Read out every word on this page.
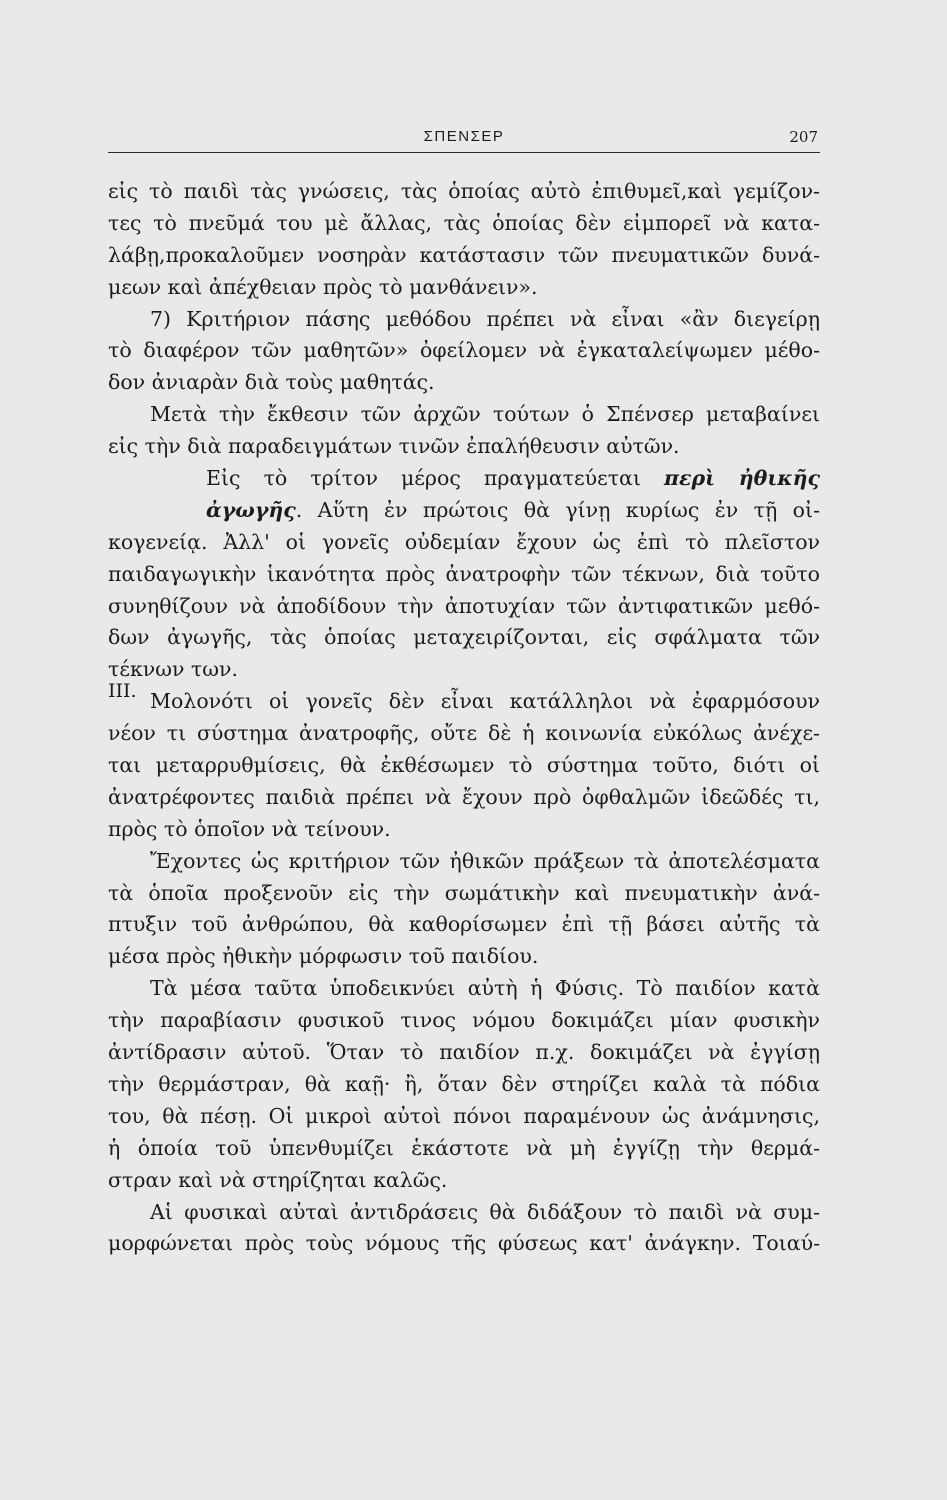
ΣΠΕΝΣΕΡ	207
III.
εἰς τὸ παιδὶ τὰς γνώσεις, τὰς ὁποίας αὐτὸ ἐπιθυμεῖ,καὶ γεμίζον-
τες τὸ πνεῦμά του μὲ ἄλλας, τὰς ὁποίας δὲν εἰμπορεῖ νὰ κατα-
λάβῃ,προκαλοῦμεν νοσηρὰν κατάστασιν τῶν πνευματικῶν δυνά-
μεων καὶ ἀπέχθειαν πρὸς τὸ μανθάνειν».
7) Κριτήριον πάσης μεθόδου πρέπει νὰ εἶναι «ἂν διεγείρῃ
τὸ διαφέρον τῶν μαθητῶν» ὀφείλομεν νὰ ἐγκαταλείψωμεν μέθο-
δον ἀνιαρὰν διὰ τοὺς μαθητάς.
Μετὰ τὴν ἔκθεσιν τῶν ἀρχῶν τούτων ὁ Σπένσερ μεταβαίνει
εἰς τὴν διὰ παραδειγμάτων τινῶν ἐπαλήθευσιν αὐτῶν.
Εἰς τὸ τρίτον μέρος πραγματεύεται περὶ ἠθικῆς
ἀγωγῆς. Αὕτη ἐν πρώτοις θὰ γίνῃ κυρίως ἐν τῇ οἰ-
κογενείᾳ. Ἀλλ' οἱ γονεῖς οὐδεμίαν ἔχουν ὡς ἐπὶ τὸ πλεῖστον
παιδαγωγικὴν ἱκανότητα πρὸς ἀνατροφὴν τῶν τέκνων, διὰ τοῦτο
συνηθίζουν νὰ ἀποδίδουν τὴν ἀποτυχίαν τῶν ἀντιφατικῶν μεθό-
δων ἀγωγῆς, τὰς ὁποίας μεταχειρίζονται, εἰς σφάλματα τῶν
τέκνων των.
Μολονότι οἱ γονεῖς δὲν εἶναι κατάλληλοι νὰ ἐφαρμόσουν
νέον τι σύστημα ἀνατροφῆς, οὔτε δὲ ἡ κοινωνία εὐκόλως ἀνέχε-
ται μεταρρυθμίσεις, θὰ ἐκθέσωμεν τὸ σύστημα τοῦτο, διότι οἱ
ἀνατρέφοντες παιδιὰ πρέπει νὰ ἔχουν πρὸ ὀφθαλμῶν ἰδεῶδές τι,
πρὸς τὸ ὁποῖον νὰ τείνουν.
Ἔχοντες ὡς κριτήριον τῶν ἠθικῶν πράξεων τὰ ἀποτελέσματα
τὰ ὁποῖα προξενοῦν εἰς τὴν σωμάτικὴν καὶ πνευματικὴν ἀνά-
πτυξιν τοῦ ἀνθρώπου, θὰ καθορίσωμεν ἐπὶ τῇ βάσει αὐτῆς τὰ
μέσα πρὸς ἠθικὴν μόρφωσιν τοῦ παιδίου.
Τὰ μέσα ταῦτα ὑποδεικνύει αὐτὴ ἡ Φύσις. Τὸ παιδίον κατὰ
τὴν παραβίασιν φυσικοῦ τινος νόμου δοκιμάζει μίαν φυσικὴν
ἀντίδρασιν αὐτοῦ. Ὅταν τὸ παιδίον π.χ. δοκιμάζει νὰ ἐγγίσῃ
τὴν θερμάστραν, θὰ καῇ· ἢ, ὅταν δὲν στηρίζει καλὰ τὰ πόδια
του, θὰ πέσῃ. Οἱ μικροὶ αὐτοὶ πόνοι παραμένουν ὡς ἀνάμνησις,
ἡ ὁποία τοῦ ὑπενθυμίζει ἑκάστοτε νὰ μὴ ἐγγίζῃ τὴν θερμά-
στραν καὶ νὰ στηρίζηται καλῶς.
Αἱ φυσικαὶ αὐταὶ ἀντιδράσεις θὰ διδάξουν τὸ παιδὶ νὰ συμ-
μορφώνεται πρὸς τοὺς νόμους τῆς φύσεως κατ' ἀνάγκην. Τοιαύ-
